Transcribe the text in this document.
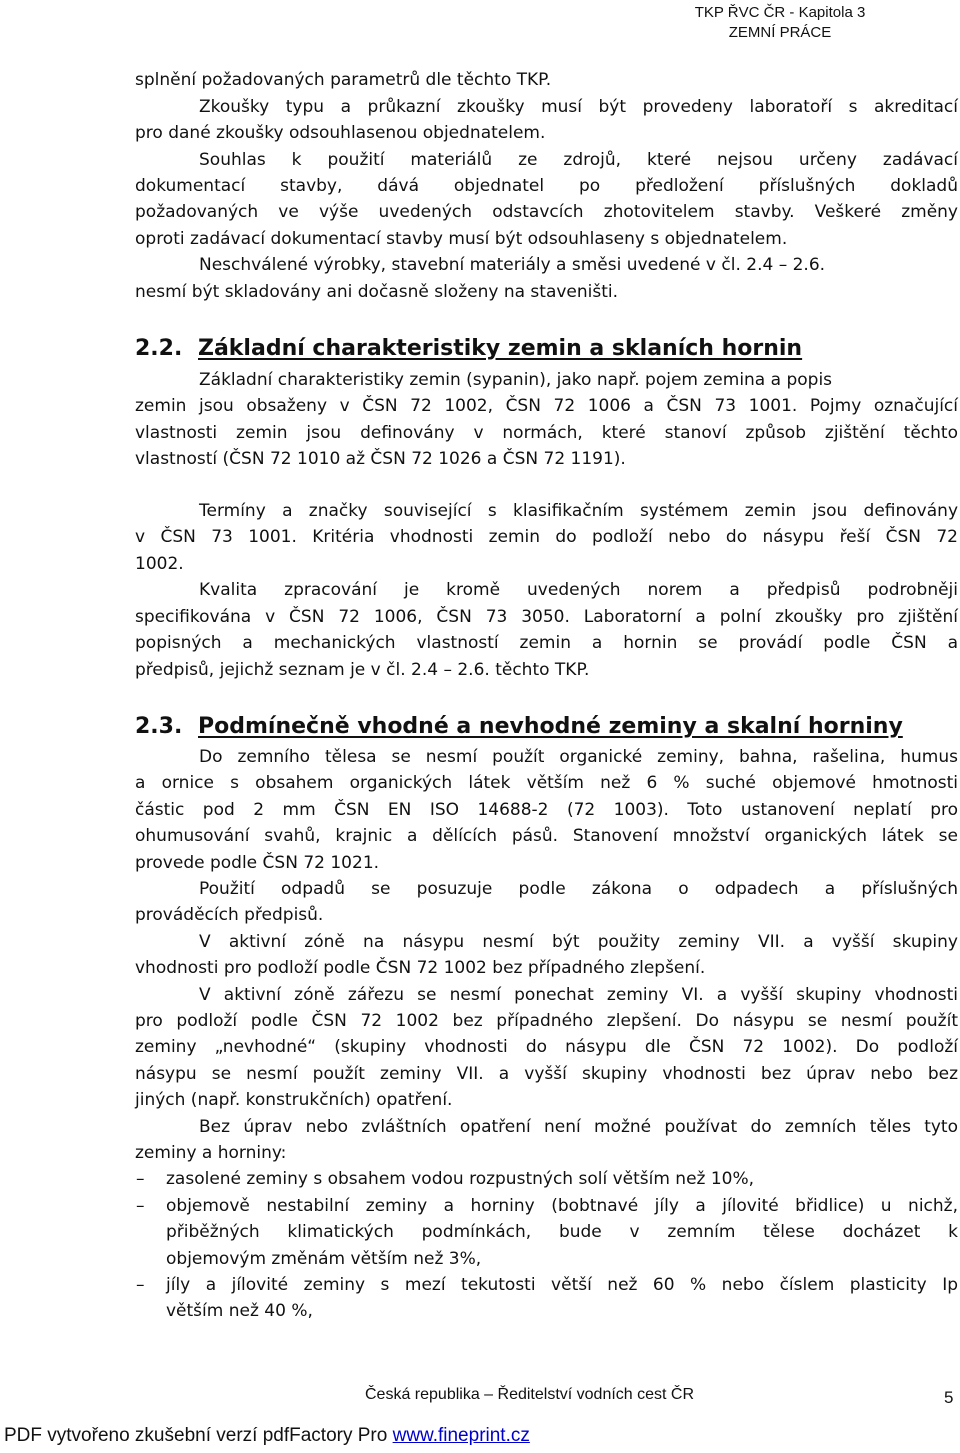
TKP ŘVC ČR - Kapitola 3
ZEMNÍ PRÁCE
splnění požadovaných parametrů dle těchto TKP.
Zkoušky typu a průkazní zkoušky musí být provedeny laboratoří s akreditací
pro dané zkoušky odsouhlasenou objednatelem.
Souhlas k použití materiálů ze zdrojů, které nejsou určeny zadávací
dokumentací stavby, dává objednatel po předložení příslušných dokladů
požadovaných ve výše uvedených odstavcích zhotovitelem stavby. Veškeré změny
oproti zadávací dokumentací stavby musí být odsouhlaseny s objednatelem.
Neschválené výrobky, stavební materiály a směsi uvedené v čl. 2.4 – 2.6.
nesmí být skladovány ani dočasně složeny na staveništi.
2.2. Základní charakteristiky zemin a sklaních hornin
Základní charakteristiky zemin (sypanin), jako např. pojem zemina a popis
zemin jsou obsaženy v ČSN 72 1002, ČSN 72 1006 a ČSN 73 1001. Pojmy označující
vlastnosti zemin jsou definovány v normách, které stanoví způsob zjištění těchto
vlastností (ČSN 72 1010 až ČSN 72 1026 a ČSN 72 1191).
Termíny a značky související s klasifikačním systémem zemin jsou definovány
v ČSN 73 1001. Kritéria vhodnosti zemin do podloží nebo do násypu řeší ČSN 72
1002.
Kvalita zpracování je kromě uvedených norem a předpisů podrobněji
specifikována v ČSN 72 1006, ČSN 73 3050. Laboratorní a polní zkoušky pro zjištění
popisných a mechanických vlastností zemin a hornin se provádí podle ČSN a
předpisů, jejichž seznam je v čl. 2.4 – 2.6. těchto TKP.
2.3. Podmínečně vhodné a nevhodné zeminy a skalní horniny
Do zemního tělesa se nesmí použít organické zeminy, bahna, rašelina, humus
a ornice s obsahem organických látek větším než 6 % suché objemové hmotnosti
částic pod 2 mm ČSN EN ISO 14688-2 (72 1003). Toto ustanovení neplatí pro
ohumusování svahů, krajnic a dělících pásů. Stanovení množství organických látek se
provede podle ČSN 72 1021.
Použití odpadů se posuzuje podle zákona o odpadech a příslušných
prováděcích předpisů.
V aktivní zóně na násypu nesmí být použity zeminy VII. a vyšší skupiny
vhodnosti pro podloží podle ČSN 72 1002 bez případného zlepšení.
V aktivní zóně zářezu se nesmí ponechat zeminy VI. a vyšší skupiny vhodnosti
pro podloží podle ČSN 72 1002 bez případného zlepšení. Do násypu se nesmí použít
zeminy „nevhodné“ (skupiny vhodnosti do násypu dle ČSN 72 1002). Do podloží
násypu se nesmí použít zeminy VII. a vyšší skupiny vhodnosti bez úprav nebo bez
jiných (např. konstrukčních) opatření.
Bez úprav nebo zvláštních opatření není možné používat do zemních těles tyto
zeminy a horniny:
– zasolené zeminy s obsahem vodou rozpustných solí větším než 10%,
– objemově nestabilní zeminy a horniny (bobtnavé jíly a jílovité břidlice) u nichž,
přiběžných klimatických podmínkách, bude v zemním tělese docházet k
objemovým změnám větším než 3%,
– jíly a jílovité zeminy s mezí tekutosti větší než 60 % nebo číslem plasticity Ip
větším než 40 %,
Česká republika – Ředitelství vodních cest ČR	5
PDF vytvořeno zkušební verzí pdfFactory Pro www.fineprint.cz
